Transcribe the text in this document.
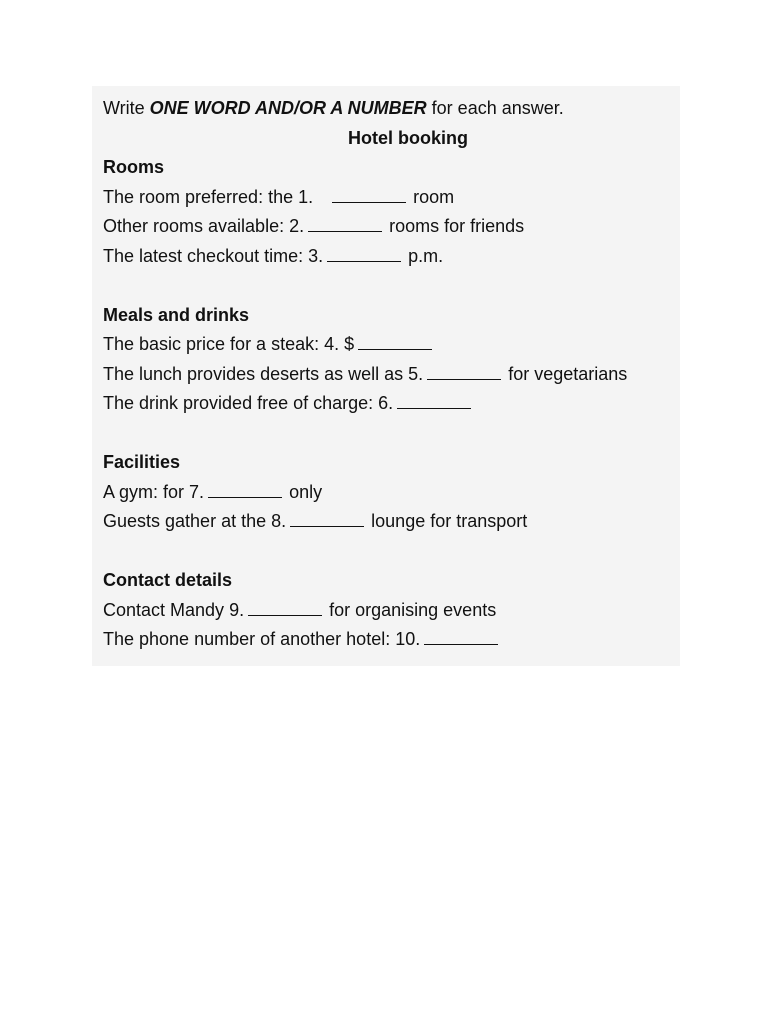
Write ONE WORD AND/OR A NUMBER for each answer.
Hotel booking
Rooms
The room preferred: the 1.	room
Other rooms available: 2.	rooms for friends
The latest checkout time: 3.	p.m.
Meals and drinks
The basic price for a steak: 4. $
The lunch provides deserts as well as 5.	for vegetarians
The drink provided free of charge: 6.
Facilities
A gym: for 7.	only
Guests gather at the 8.	lounge for transport
Contact details
Contact Mandy 9.	for organising events
The phone number of another hotel: 10.
